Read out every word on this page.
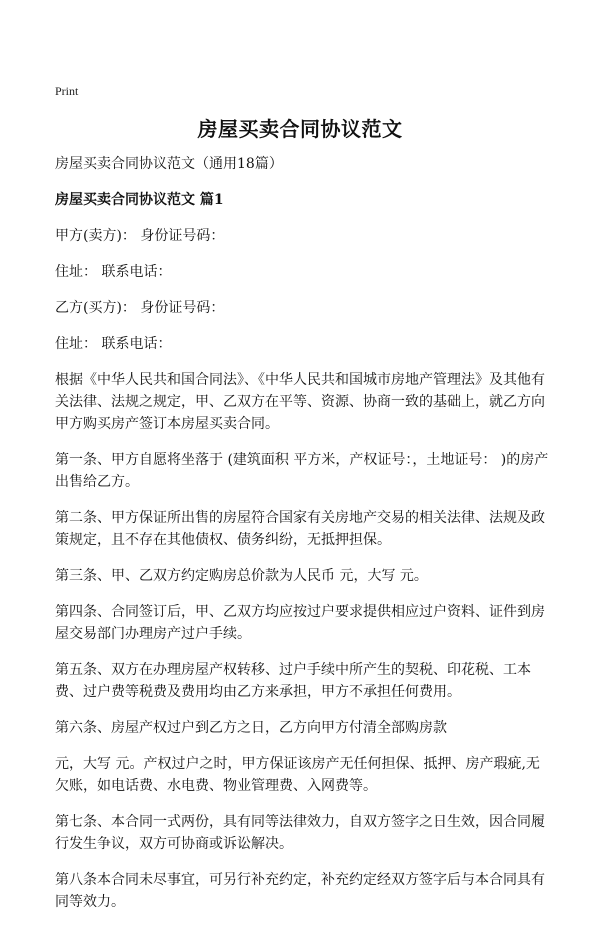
Print
房屋买卖合同协议范文

房屋买卖合同协议范文（通用18篇）

房屋买卖合同协议范文 篇1

甲方(卖方)： 身份证号码：

住址： 联系电话：

乙方(买方)： 身份证号码：

住址： 联系电话：

根据《中华人民共和国合同法》、《中华人民共和国城市房地产管理法》及其他有关法律、法规之规定，甲、乙双方在平等、资源、协商一致的基础上，就乙方向甲方购买房产签订本房屋买卖合同。

第一条、甲方自愿将坐落于 (建筑面积 平方米，产权证号：，土地证号： )的房产出售给乙方。

第二条、甲方保证所出售的房屋符合国家有关房地产交易的相关法律、法规及政策规定，且不存在其他债权、债务纠纷，无抵押担保。

第三条、甲、乙双方约定购房总价款为人民币 元，大写 元。

第四条、合同签订后，甲、乙双方均应按过户要求提供相应过户资料、证件到房屋交易部门办理房产过户手续。

第五条、双方在办理房屋产权转移、过户手续中所产生的契税、印花税、工本费、过户费等税费及费用均由乙方来承担，甲方不承担任何费用。

第六条、房屋产权过户到乙方之日，乙方向甲方付清全部购房款

元，大写 元。产权过户之时，甲方保证该房产无任何担保、抵押、房产瑕疵,无欠账，如电话费、水电费、物业管理费、入网费等。

第七条、本合同一式两份，具有同等法律效力，自双方签字之日生效，因合同履行发生争议，双方可协商或诉讼解决。

第八条本合同未尽事宜，可另行补充约定，补充约定经双方签字后与本合同具有同等效力。
